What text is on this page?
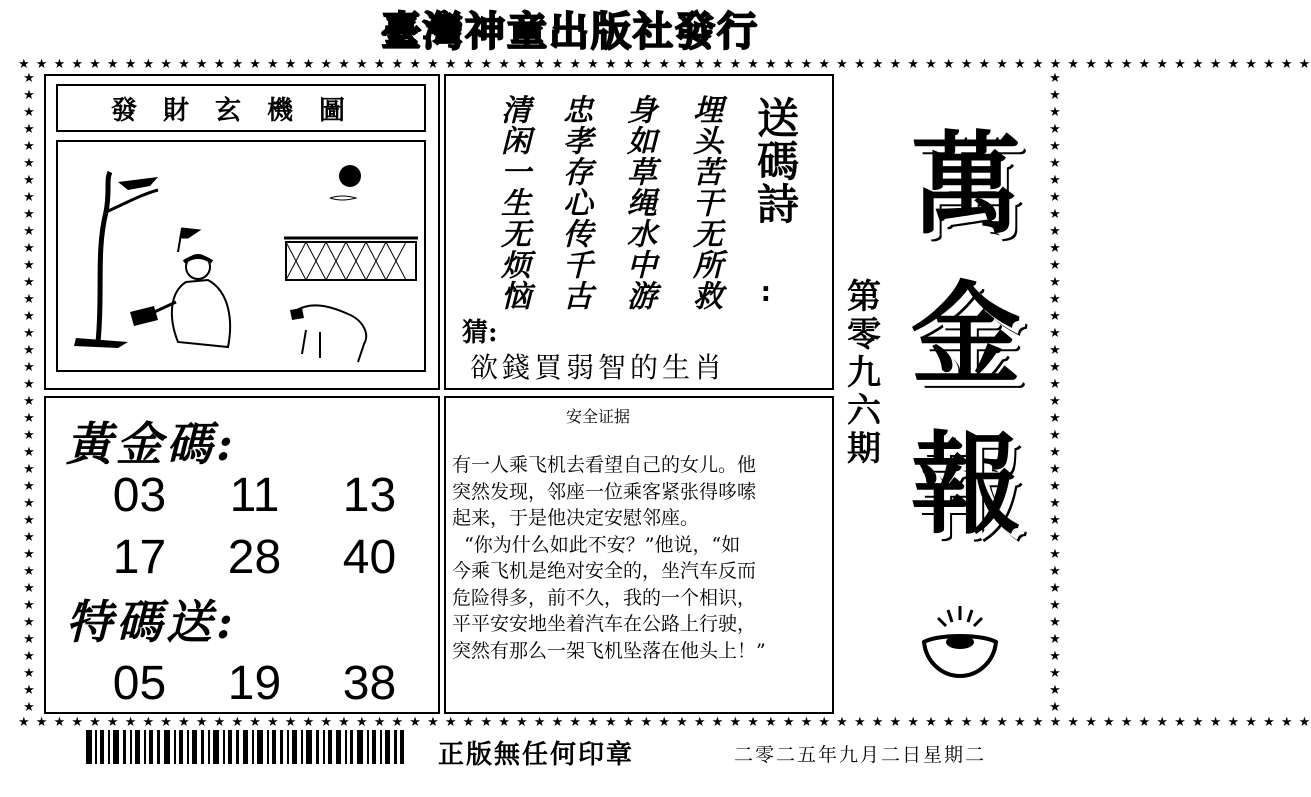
臺灣神童出版社發行
★ ★ ★ ★ ★ ★ ★ ★ ★ ★ ★ ★ ★ ★ ★ ★ ★ ★ ★ ★ ★ ★ ★ ★ ★ ★ ★ ★ ★ ★ ★ ★ ★ ★ ★ ★ ★ ★ ★ ★ ★ ★ ★ ★ ★ ★ ★ ★ ★ ★ ★ ★ ★ ★ ★ ★ ★ ★ ★ ★ ★ ★ ★ ★ ★ ★ ★ ★ ★ ★ ★ ★ ★
★ ★ ★ ★ ★ ★ ★ ★ ★ ★ ★ ★ ★ ★ ★ ★ ★ ★ ★ ★ ★ ★ ★ ★ ★ ★ ★ ★ ★ ★ ★ ★ ★ ★ ★ ★ ★ ★ ★ ★ ★ ★ ★ ★ ★ ★ ★ ★ ★ ★ ★ ★ ★ ★ ★ ★ ★ ★ ★ ★ ★ ★ ★ ★ ★ ★ ★ ★ ★ ★ ★ ★ ★
★★★★★★★★★★★★★★★★★★★★★★★★★★★★★★★★★★★★★★
★★★★★★★★★★★★★★★★★★★★★★★★★★★★★★★★★★★★★★
發財玄機圖	送碼詩
∶
埋头苦干无所救
身如草绳水中游
忠孝存心传千古
清闲一生无烦恼
猜:
欲錢買弱智的生肖
黃金碼:
03	11	13
17	28	40
特碼送:
05	19	38
安全证据
有一人乘飞机去看望自己的女儿。他
突然发现，邻座一位乘客紧张得哆嗦
起来，于是他决定安慰邻座。
“你为什么如此不安？”他说，“如
今乘飞机是绝对安全的，坐汽车反而
危险得多，前不久，我的一个相识，
平平安安地坐着汽车在公路上行驶，
突然有那么一架飞机坠落在他头上！”
第
零
九
六
期
萬
金
報
正版無任何印章	二零二五年九月二日星期二
